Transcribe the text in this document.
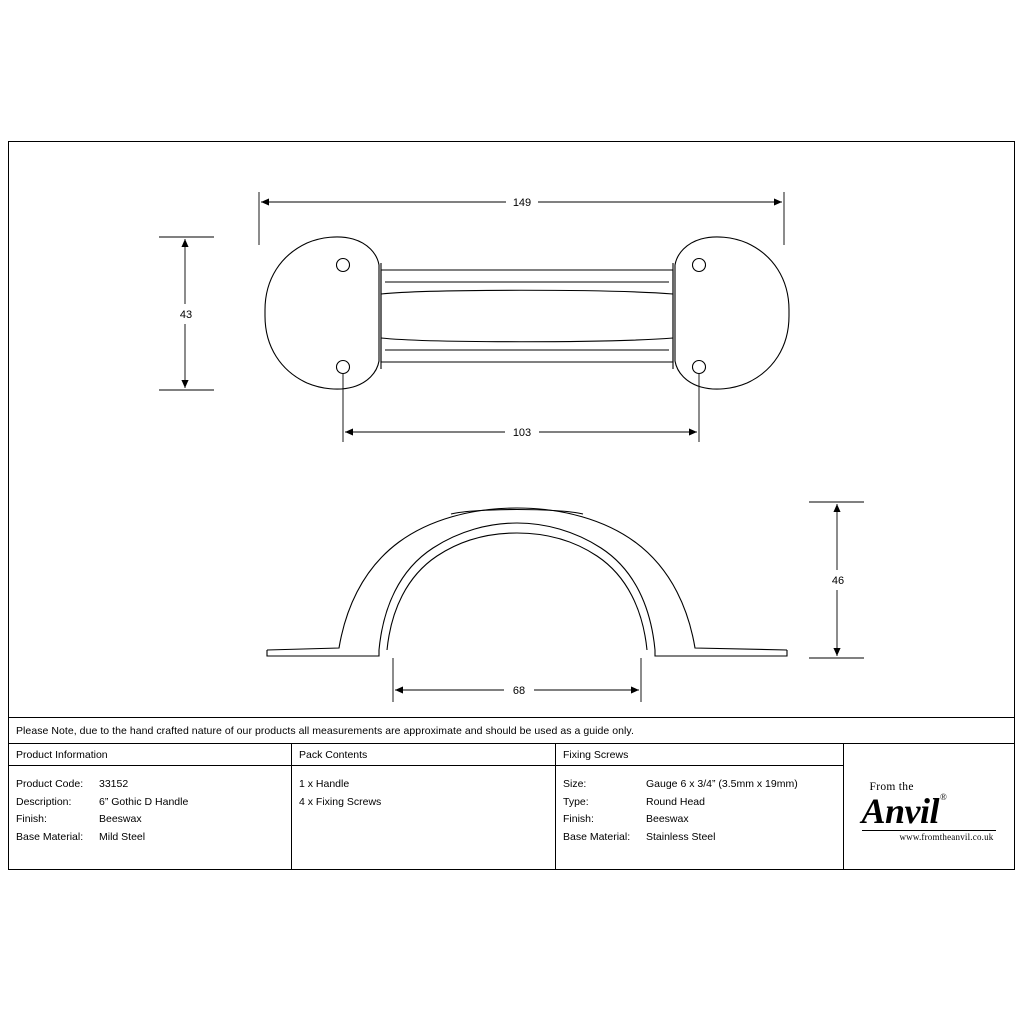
149
43
103
46
68
Please Note, due to the hand crafted nature of our products all measurements are approximate and should be used as a guide only.
Product Information
Product Code:	33152
Description:	6” Gothic D Handle
Finish:	Beeswax
Base Material:	Mild Steel
Pack Contents
1 x Handle
4 x Fixing Screws
Fixing Screws
Size:	Gauge 6 x 3/4” (3.5mm x 19mm)
Type:	Round Head
Finish:	Beeswax
Base Material:	Stainless Steel
From the
Anvil®
www.fromtheanvil.co.uk
